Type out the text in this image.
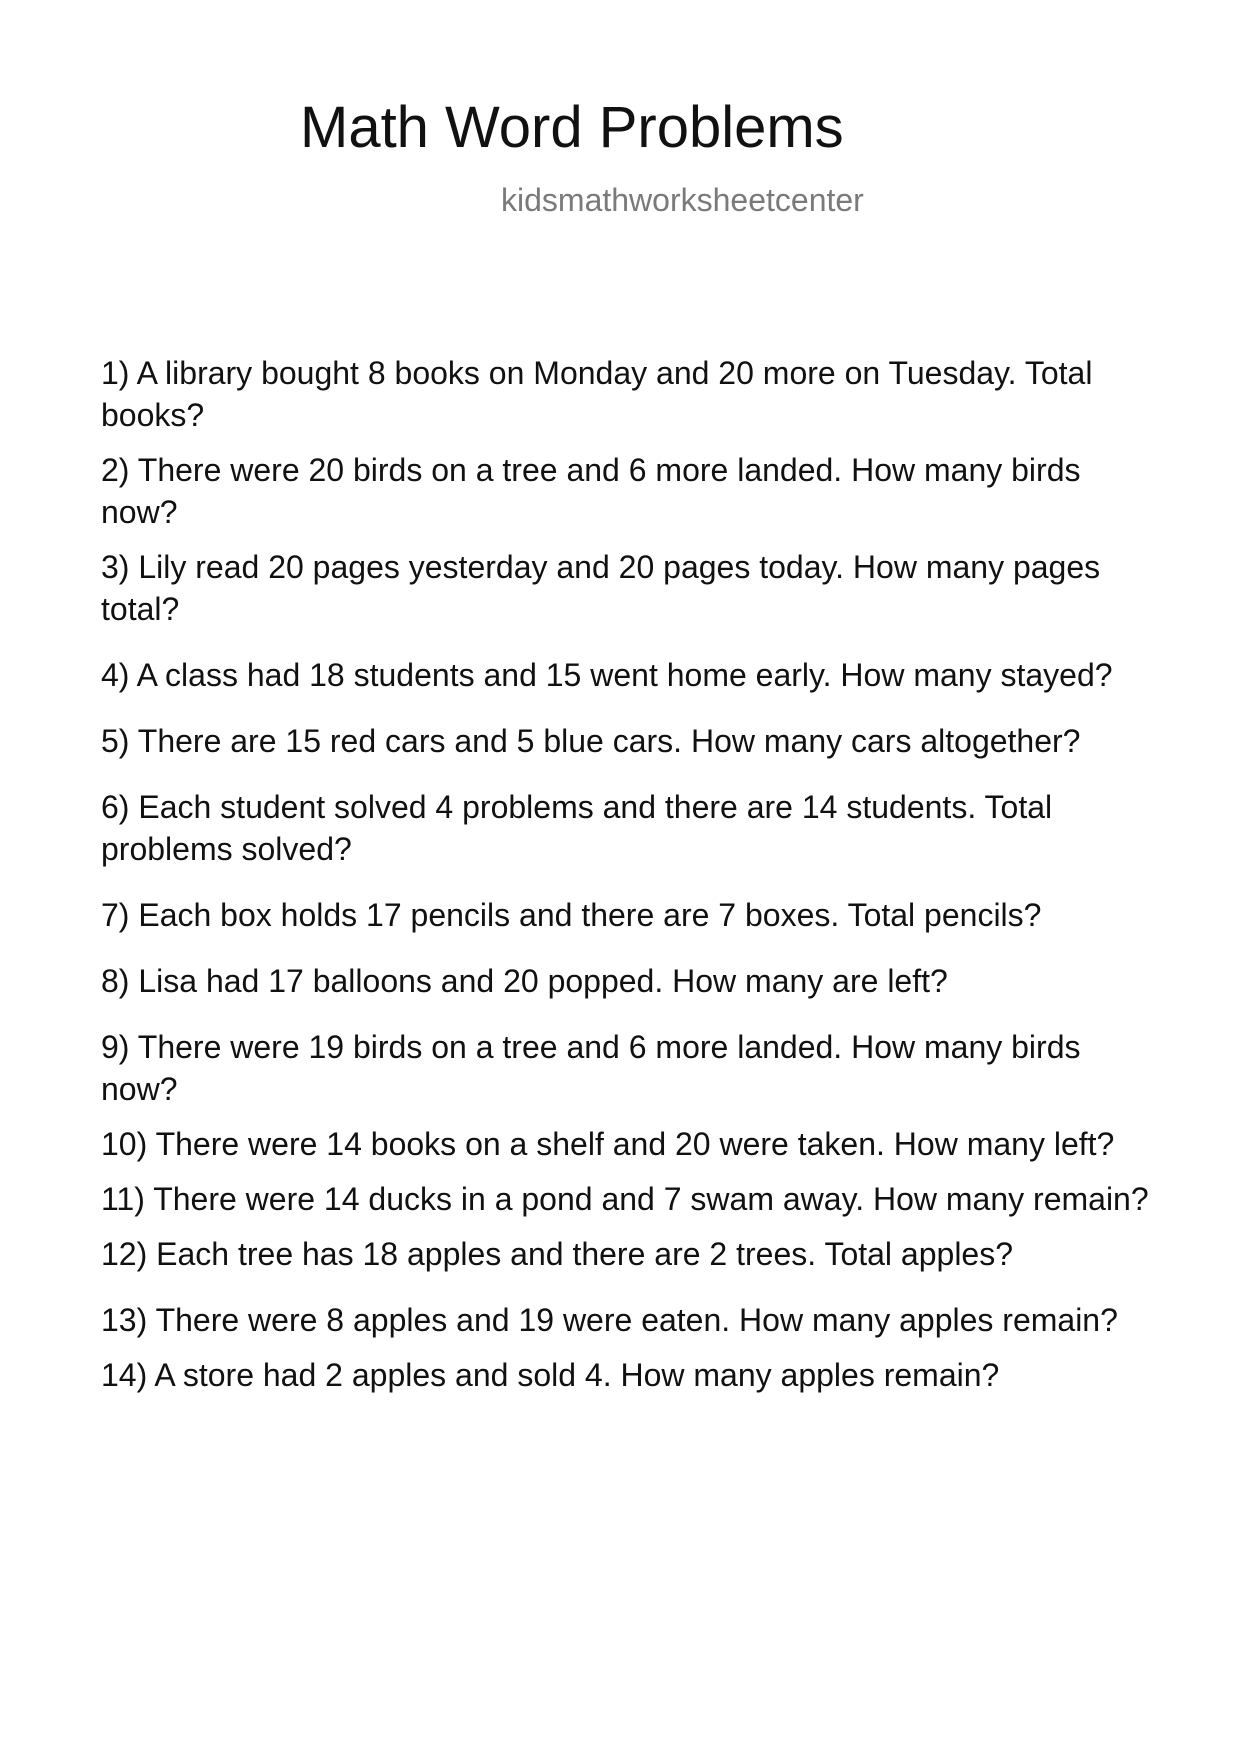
Math Word Problems
kidsmathworksheetcenter
1) A library bought 8 books on Monday and 20 more on Tuesday. Total books?
2) There were 20 birds on a tree and 6 more landed. How many birds now?
3) Lily read 20 pages yesterday and 20 pages today. How many pages total?
4) A class had 18 students and 15 went home early. How many stayed?
5) There are 15 red cars and 5 blue cars. How many cars altogether?
6) Each student solved 4 problems and there are 14 students. Total problems solved?
7) Each box holds 17 pencils and there are 7 boxes. Total pencils?
8) Lisa had 17 balloons and 20 popped. How many are left?
9) There were 19 birds on a tree and 6 more landed. How many birds now?
10) There were 14 books on a shelf and 20 were taken. How many left?
11) There were 14 ducks in a pond and 7 swam away. How many remain?
12) Each tree has 18 apples and there are 2 trees. Total apples?
13) There were 8 apples and 19 were eaten. How many apples remain?
14) A store had 2 apples and sold 4. How many apples remain?
